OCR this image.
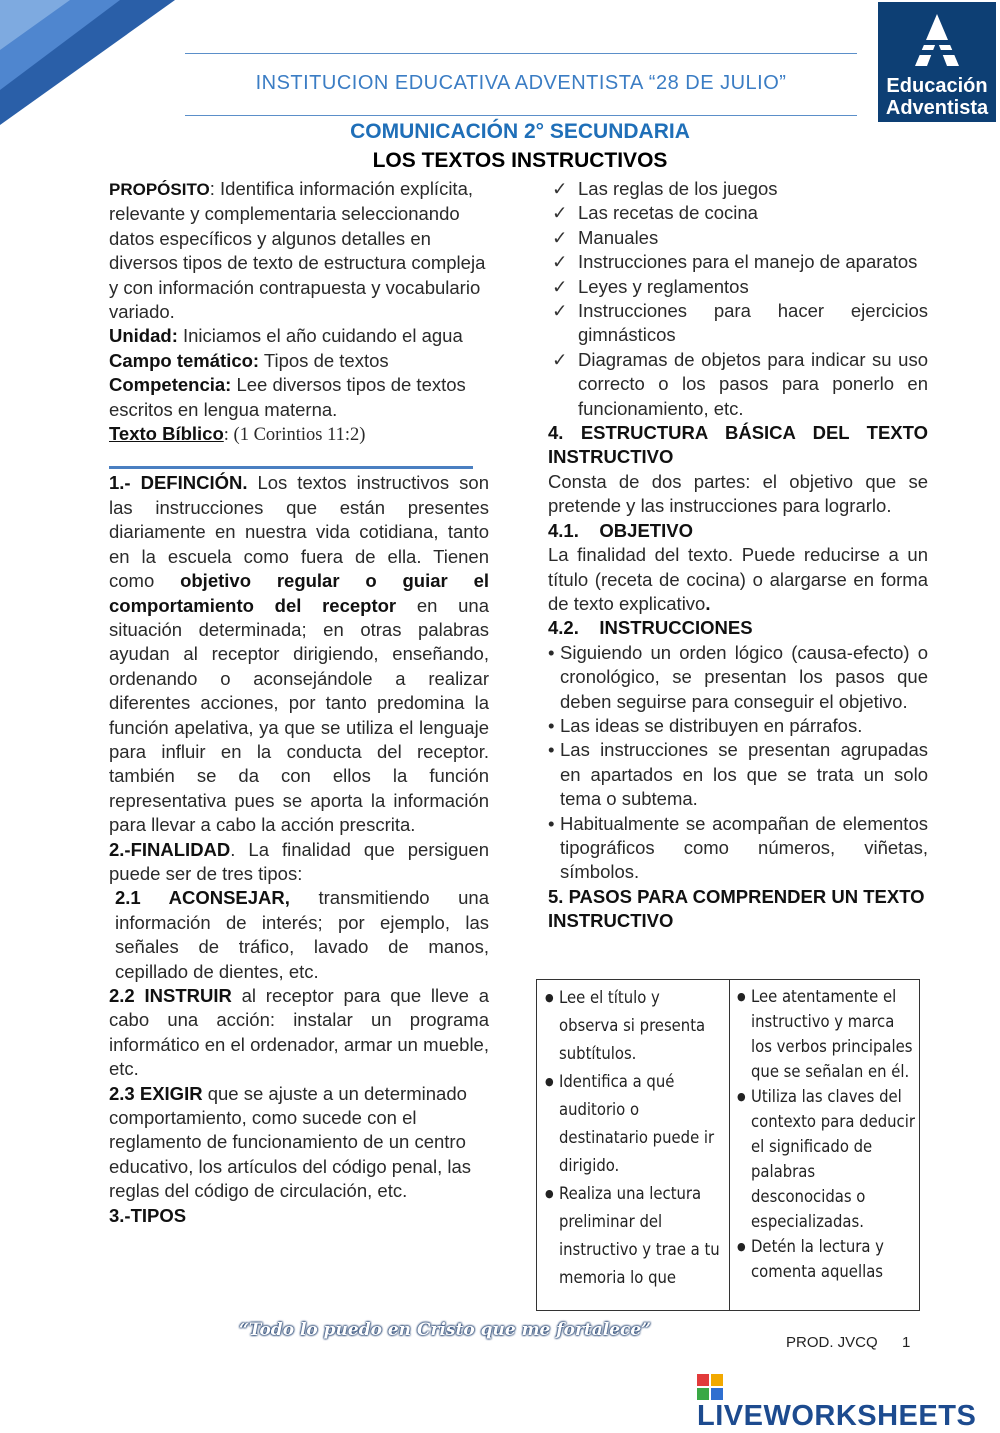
INSTITUCION EDUCATIVA ADVENTISTA “28 DE JULIO”	Educación
Adventista
COMUNICACIÓN 2° SECUNDARIA
LOS TEXTOS INSTRUCTIVOS

PROPÓSITO: Identifica información explícita, relevante y complementaria seleccionando datos específicos y algunos detalles en diversos tipos de texto de estructura compleja y con información contrapuesta y vocabulario variado.

Unidad: Iniciamos el año cuidando el agua

Campo temático: Tipos de textos

Competencia: Lee diversos tipos de textos escritos en lengua materna.

Texto Bíblico: (1 Corintios 11:2)

1.- DEFINCIÓN. Los textos instructivos son las instrucciones que están presentes diariamente en nuestra vida cotidiana, tanto en la escuela como fuera de ella. Tienen como objetivo regular o guiar el comportamiento del receptor en una situación determinada; en otras palabras ayudan al receptor dirigiendo, enseñando, ordenando o aconsejándole a realizar diferentes acciones, por tanto predomina la función apelativa, ya que se utiliza el lenguaje para influir en la conducta del receptor. también se da con ellos la función representativa pues se aporta la información para llevar a cabo la acción prescrita.

2.-FINALIDAD. La finalidad que persiguen puede ser de tres tipos:

2.1 ACONSEJAR, transmitiendo una información de interés; por ejemplo, las señales de tráfico, lavado de manos, cepillado de dientes, etc.

2.2 INSTRUIR al receptor para que lleve a cabo una acción: instalar un programa informático en el ordenador, armar un mueble, etc.

2.3 EXIGIR que se ajuste a un determinado comportamiento, como sucede con el reglamento de funcionamiento de un centro educativo, los artículos del código penal, las reglas del código de circulación, etc.

3.-TIPOS

✓ Las reglas de los juegos
✓ Las recetas de cocina
✓ Manuales
✓ Instrucciones para el manejo de aparatos
✓ Leyes y reglamentos
✓ Instrucciones para hacer ejercicios gimnásticos
✓ Diagramas de objetos para indicar su uso correcto o los pasos para ponerlo en funcionamiento, etc.

4. ESTRUCTURA BÁSICA DEL TEXTO INSTRUCTIVO

Consta de dos partes: el objetivo que se pretende y las instrucciones para lograrlo.

4.1.    OBJETIVO

La finalidad del texto. Puede reducirse a un título (receta de cocina) o alargarse en forma de texto explicativo.

4.2.    INSTRUCCIONES

• Siguiendo un orden lógico (causa-efecto) o cronológico, se presentan los pasos que deben seguirse para conseguir el objetivo.
• Las ideas se distribuyen en párrafos.
• Las instrucciones se presentan agrupadas en apartados en los que se trata un solo tema o subtema.
• Habitualmente se acompañan de elementos tipográficos como números, viñetas, símbolos.

5. PASOS PARA COMPRENDER UN TEXTO INSTRUCTIVO

● Lee el título y observa si presenta subtítulos.
● Identifica a qué auditorio o destinatario puede ir dirigido.
● Realiza una lectura preliminar del instructivo y trae a tu memoria lo que
● Lee atentamente el instructivo y marca los verbos principales que se señalan en él.
● Utiliza las claves del contexto para deducir el significado de palabras desconocidas o especializadas.
● Detén la lectura y comenta aquellas
“Todo lo puedo en Cristo que me fortalece”
PROD. JVCQ 1
LIVEWORKSHEETS
